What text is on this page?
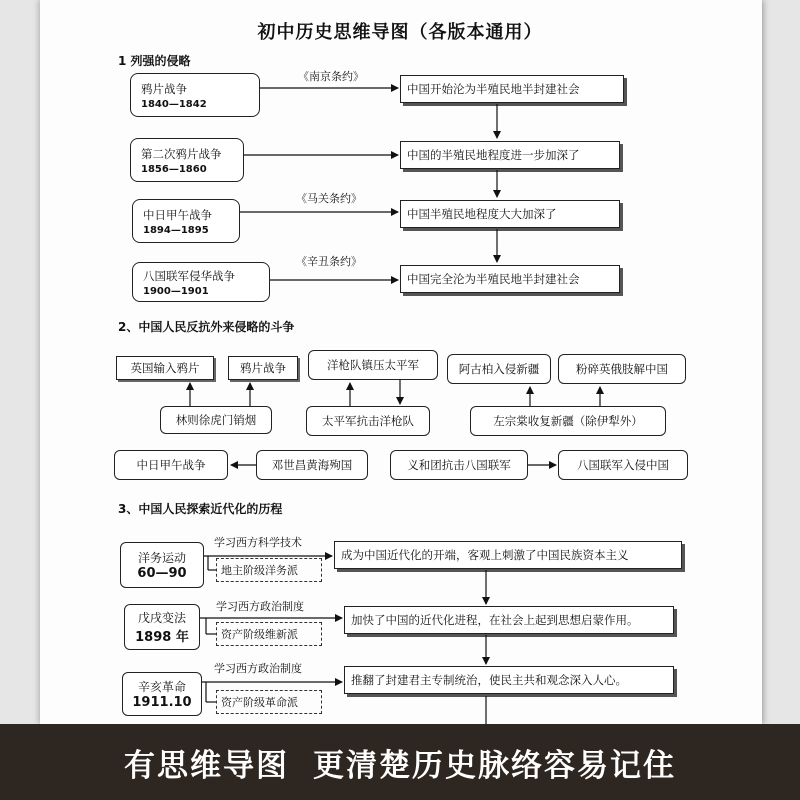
初中历史思维导图（各版本通用）
1 列强的侵略
鸦片战争
1840—1842
第二次鸦片战争
1856—1860
中日甲午战争
1894—1895
八国联军侵华战争
1900—1901
《南京条约》
《马关条约》
《辛丑条约》
中国开始沦为半殖民地半封建社会
中国的半殖民地程度进一步加深了
中国半殖民地程度大大加深了
中国完全沦为半殖民地半封建社会
2、中国人民反抗外来侵略的斗争
英国输入鸦片	鸦片战争
林则徐虎门销烟
洋枪队镇压太平军
太平军抗击洋枪队
阿古柏入侵新疆	粉碎英俄肢解中国
左宗棠收复新疆（除伊犁外）
中日甲午战争	邓世昌黄海殉国	义和团抗击八国联军	八国联军入侵中国
3、中国人民探索近代化的历程
洋务运动
60—90
戊戌变法
1898 年
辛亥革命
1911.10
学习西方科学技术
学习西方政治制度
学习西方政治制度
地主阶级洋务派
资产阶级维新派
资产阶级革命派
成为中国近代化的开端，客观上刺激了中国民族资本主义
加快了中国的近代化进程，在社会上起到思想启蒙作用。
推翻了封建君主专制统治，使民主共和观念深入人心。
有思维导图 更清楚历史脉络容易记住
